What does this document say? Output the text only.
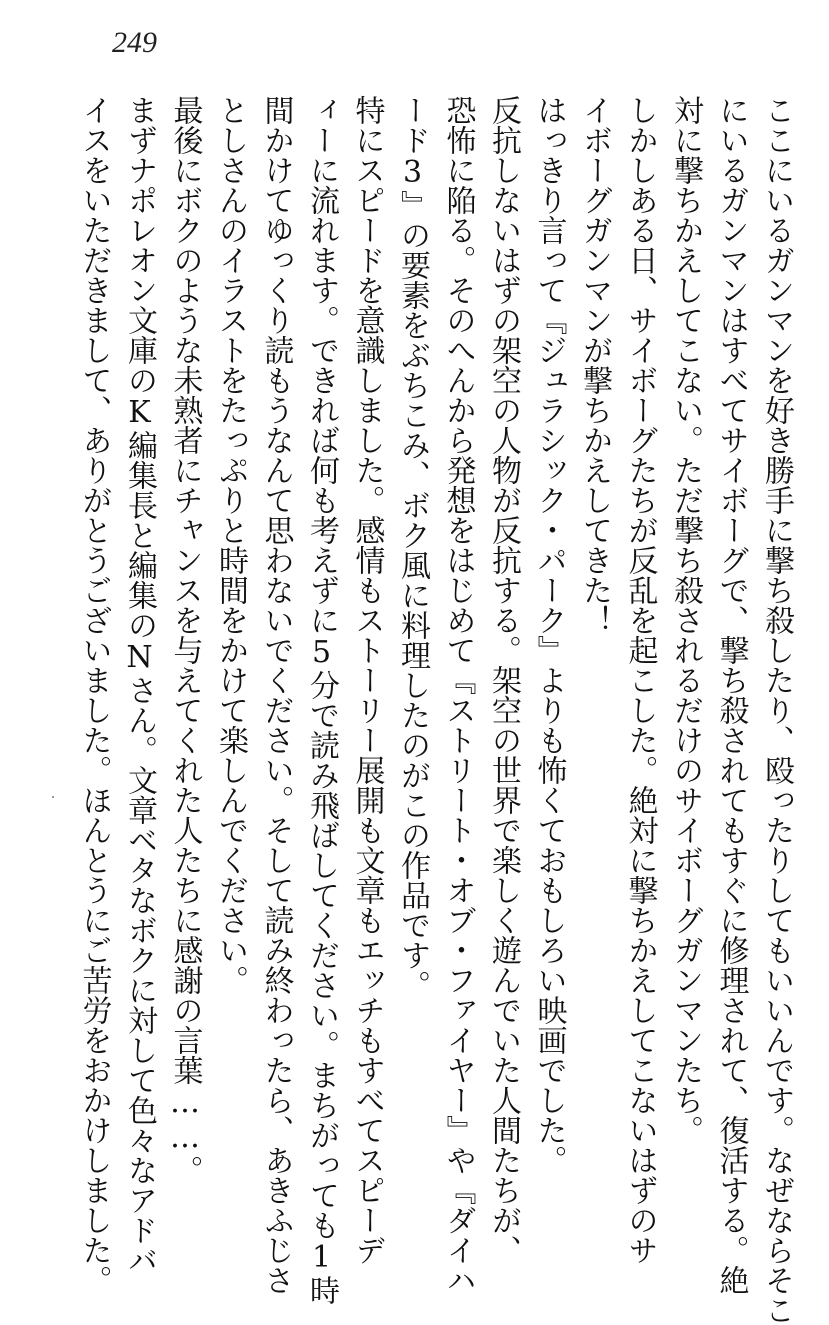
249
ここにいるガンマンを好き勝手に撃ち殺したり、殴ったりしてもいいんです。なぜならそこ
にいるガンマンはすべてサイボーグで、撃ち殺されてもすぐに修理されて、復活する。絶
対に撃ちかえしてこない。ただ撃ち殺されるだけのサイボーグガンマンたち。
しかしある日、サイボーグたちが反乱を起こした。絶対に撃ちかえしてこないはずのサ
イボーグガンマンが撃ちかえしてきた！
はっきり言って『ジュラシック・パーク』よりも怖くておもしろい映画でした。
反抗しないはずの架空の人物が反抗する。架空の世界で楽しく遊んでいた人間たちが、
恐怖に陥る。そのへんから発想をはじめて『ストリート・オブ・ファイヤー』や『ダイハ
ード3』の要素をぶちこみ、ボク風に料理したのがこの作品です。
特にスピードを意識しました。感情もストーリー展開も文章もエッチもすべてスピーデ
ィーに流れます。できれば何も考えずに5分で読み飛ばしてください。まちがっても1時
間かけてゆっくり読もうなんて思わないでください。そして読み終わったら、あきふじさ
としさんのイラストをたっぷりと時間をかけて楽しんでください。
最後にボクのような未熟者にチャンスを与えてくれた人たちに感謝の言葉……。
まずナポレオン文庫のK編集長と編集のNさん。文章ベタなボクに対して色々なアドバ
イスをいただきまして、ありがとうございました。ほんとうにご苦労をおかけしました。
